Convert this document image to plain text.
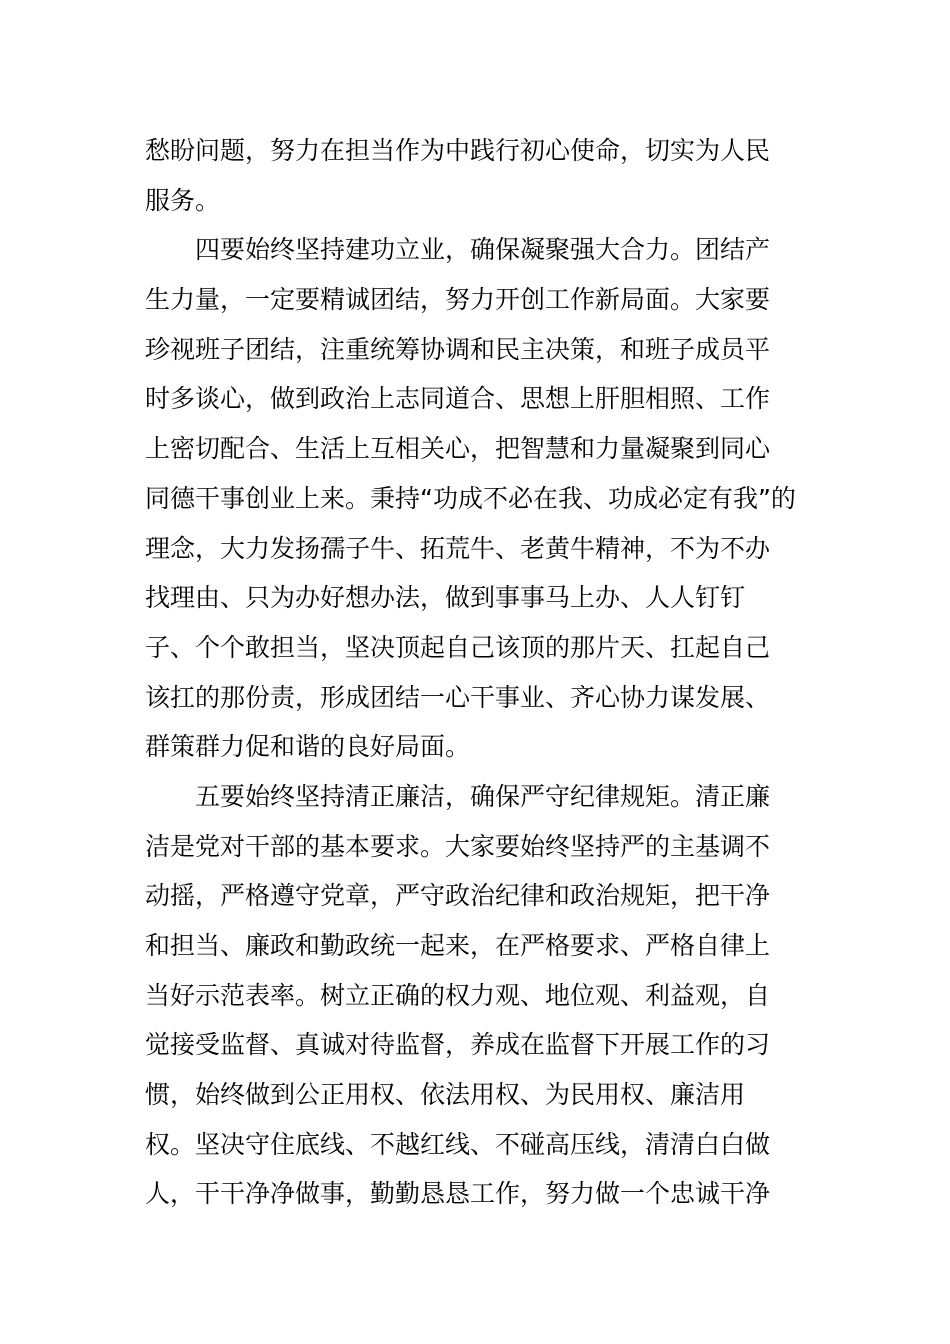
愁盼问题，努力在担当作为中践行初心使命，切实为人民
服务。
四要始终坚持建功立业，确保凝聚强大合力。团结产
生力量，一定要精诚团结，努力开创工作新局面。大家要
珍视班子团结，注重统筹协调和民主决策，和班子成员平
时多谈心，做到政治上志同道合、思想上肝胆相照、工作
上密切配合、生活上互相关心，把智慧和力量凝聚到同心
同德干事创业上来。秉持“功成不必在我、功成必定有我”的
理念，大力发扬孺子牛、拓荒牛、老黄牛精神，不为不办
找理由、只为办好想办法，做到事事马上办、人人钉钉
子、个个敢担当，坚决顶起自己该顶的那片天、扛起自己
该扛的那份责，形成团结一心干事业、齐心协力谋发展、
群策群力促和谐的良好局面。
五要始终坚持清正廉洁，确保严守纪律规矩。清正廉
洁是党对干部的基本要求。大家要始终坚持严的主基调不
动摇，严格遵守党章，严守政治纪律和政治规矩，把干净
和担当、廉政和勤政统一起来，在严格要求、严格自律上
当好示范表率。树立正确的权力观、地位观、利益观，自
觉接受监督、真诚对待监督，养成在监督下开展工作的习
惯，始终做到公正用权、依法用权、为民用权、廉洁用
权。坚决守住底线、不越红线、不碰高压线，清清白白做
人，干干净净做事，勤勤恳恳工作，努力做一个忠诚干净
